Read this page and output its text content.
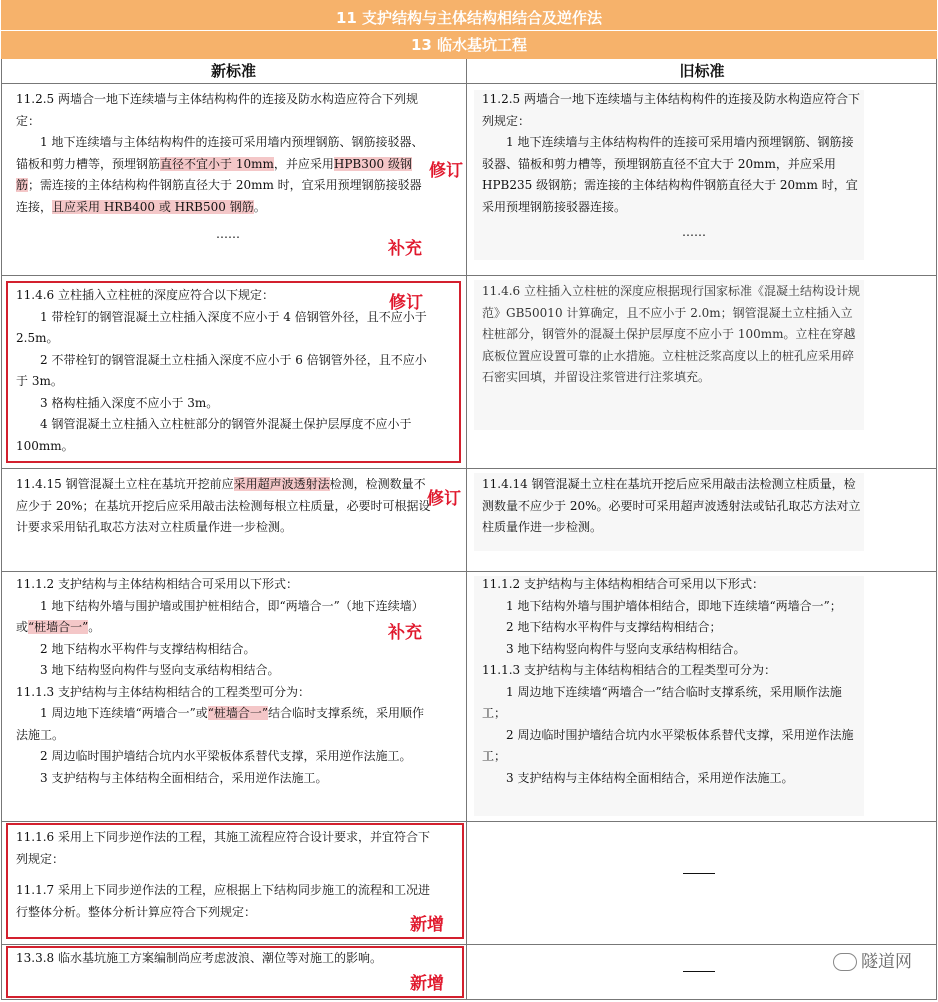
11 支护结构与主体结构相结合及逆作法
13 临水基坑工程
新标准	旧标准

11.2.5 两墙合一地下连续墙与主体结构构件的连接及防水构造应符合下列规定：

1 地下连续墙与主体结构构件的连接可采用墙内预埋钢筋、钢筋接驳器、锚板和剪力槽等，预埋钢筋直径不宜小于 10mm，并应采用HPB300 级钢筋；需连接的主体结构构件钢筋直径大于 20mm 时，宜采用预埋钢筋接驳器连接，且应采用 HRB400 或 HRB500 钢筋。

……

修订
补充

11.2.5 两墙合一地下连续墙与主体结构构件的连接及防水构造应符合下列规定：

1 地下连续墙与主体结构构件的连接可采用墙内预埋钢筋、钢筋接驳器、锚板和剪力槽等，预埋钢筋直径不宜大于 20mm，并应采用 HPB235 级钢筋；需连接的主体结构构件钢筋直径大于 20mm 时，宜采用预埋钢筋接驳器连接。

……

11.4.6 立柱插入立柱桩的深度应符合以下规定：

1 带栓钉的钢管混凝土立柱插入深度不应小于 4 倍钢管外径，且不应小于 2.5m。

2 不带栓钉的钢管混凝土立柱插入深度不应小于 6 倍钢管外径，且不应小于 3m。

3 格构柱插入深度不应小于 3m。

4 钢管混凝土立柱插入立柱桩部分的钢管外混凝土保护层厚度不应小于 100mm。

修订

11.4.6 立柱插入立柱桩的深度应根据现行国家标准《混凝土结构设计规范》GB50010 计算确定，且不应小于 2.0m；钢管混凝土立柱插入立柱桩部分，钢管外的混凝土保护层厚度不应小于 100mm。立柱在穿越底板位置应设置可靠的止水措施。立柱桩泛浆高度以上的桩孔应采用碎石密实回填，并留设注浆管进行注浆填充。

11.4.15 钢管混凝土立柱在基坑开挖前应采用超声波透射法检测，检测数量不应少于 20%；在基坑开挖后应采用敲击法检测每根立柱质量，必要时可根据设计要求采用钻孔取芯方法对立柱质量作进一步检测。

修订

11.4.14 钢管混凝土立柱在基坑开挖后应采用敲击法检测立柱质量，检测数量不应少于 20%。必要时可采用超声波透射法或钻孔取芯方法对立柱质量作进一步检测。

11.1.2 支护结构与主体结构相结合可采用以下形式：

1 地下结构外墙与围护墙或围护桩相结合，即“两墙合一”（地下连续墙）或“桩墙合一”。

2 地下结构水平构件与支撑结构相结合。

3 地下结构竖向构件与竖向支承结构相结合。

11.1.3 支护结构与主体结构相结合的工程类型可分为：

1 周边地下连续墙“两墙合一”或“桩墙合一”结合临时支撑系统，采用顺作法施工。

2 周边临时围护墙结合坑内水平梁板体系替代支撑，采用逆作法施工。

3 支护结构与主体结构全面相结合，采用逆作法施工。

补充

11.1.2 支护结构与主体结构相结合可采用以下形式：

1 地下结构外墙与围护墙体相结合，即地下连续墙“两墙合一”；

2 地下结构水平构件与支撑结构相结合；

3 地下结构竖向构件与竖向支承结构相结合。

11.1.3 支护结构与主体结构相结合的工程类型可分为：

1 周边地下连续墙“两墙合一”结合临时支撑系统，采用顺作法施工；

2 周边临时围护墙结合坑内水平梁板体系替代支撑，采用逆作法施工；

3 支护结构与主体结构全面相结合，采用逆作法施工。

11.1.6 采用上下同步逆作法的工程，其施工流程应符合设计要求，并宜符合下列规定：

11.1.7 采用上下同步逆作法的工程，应根据上下结构同步施工的流程和工况进行整体分析。整体分析计算应符合下列规定：

新增

13.3.8 临水基坑施工方案编制尚应考虑波浪、潮位等对施工的影响。

新增
隧道网
